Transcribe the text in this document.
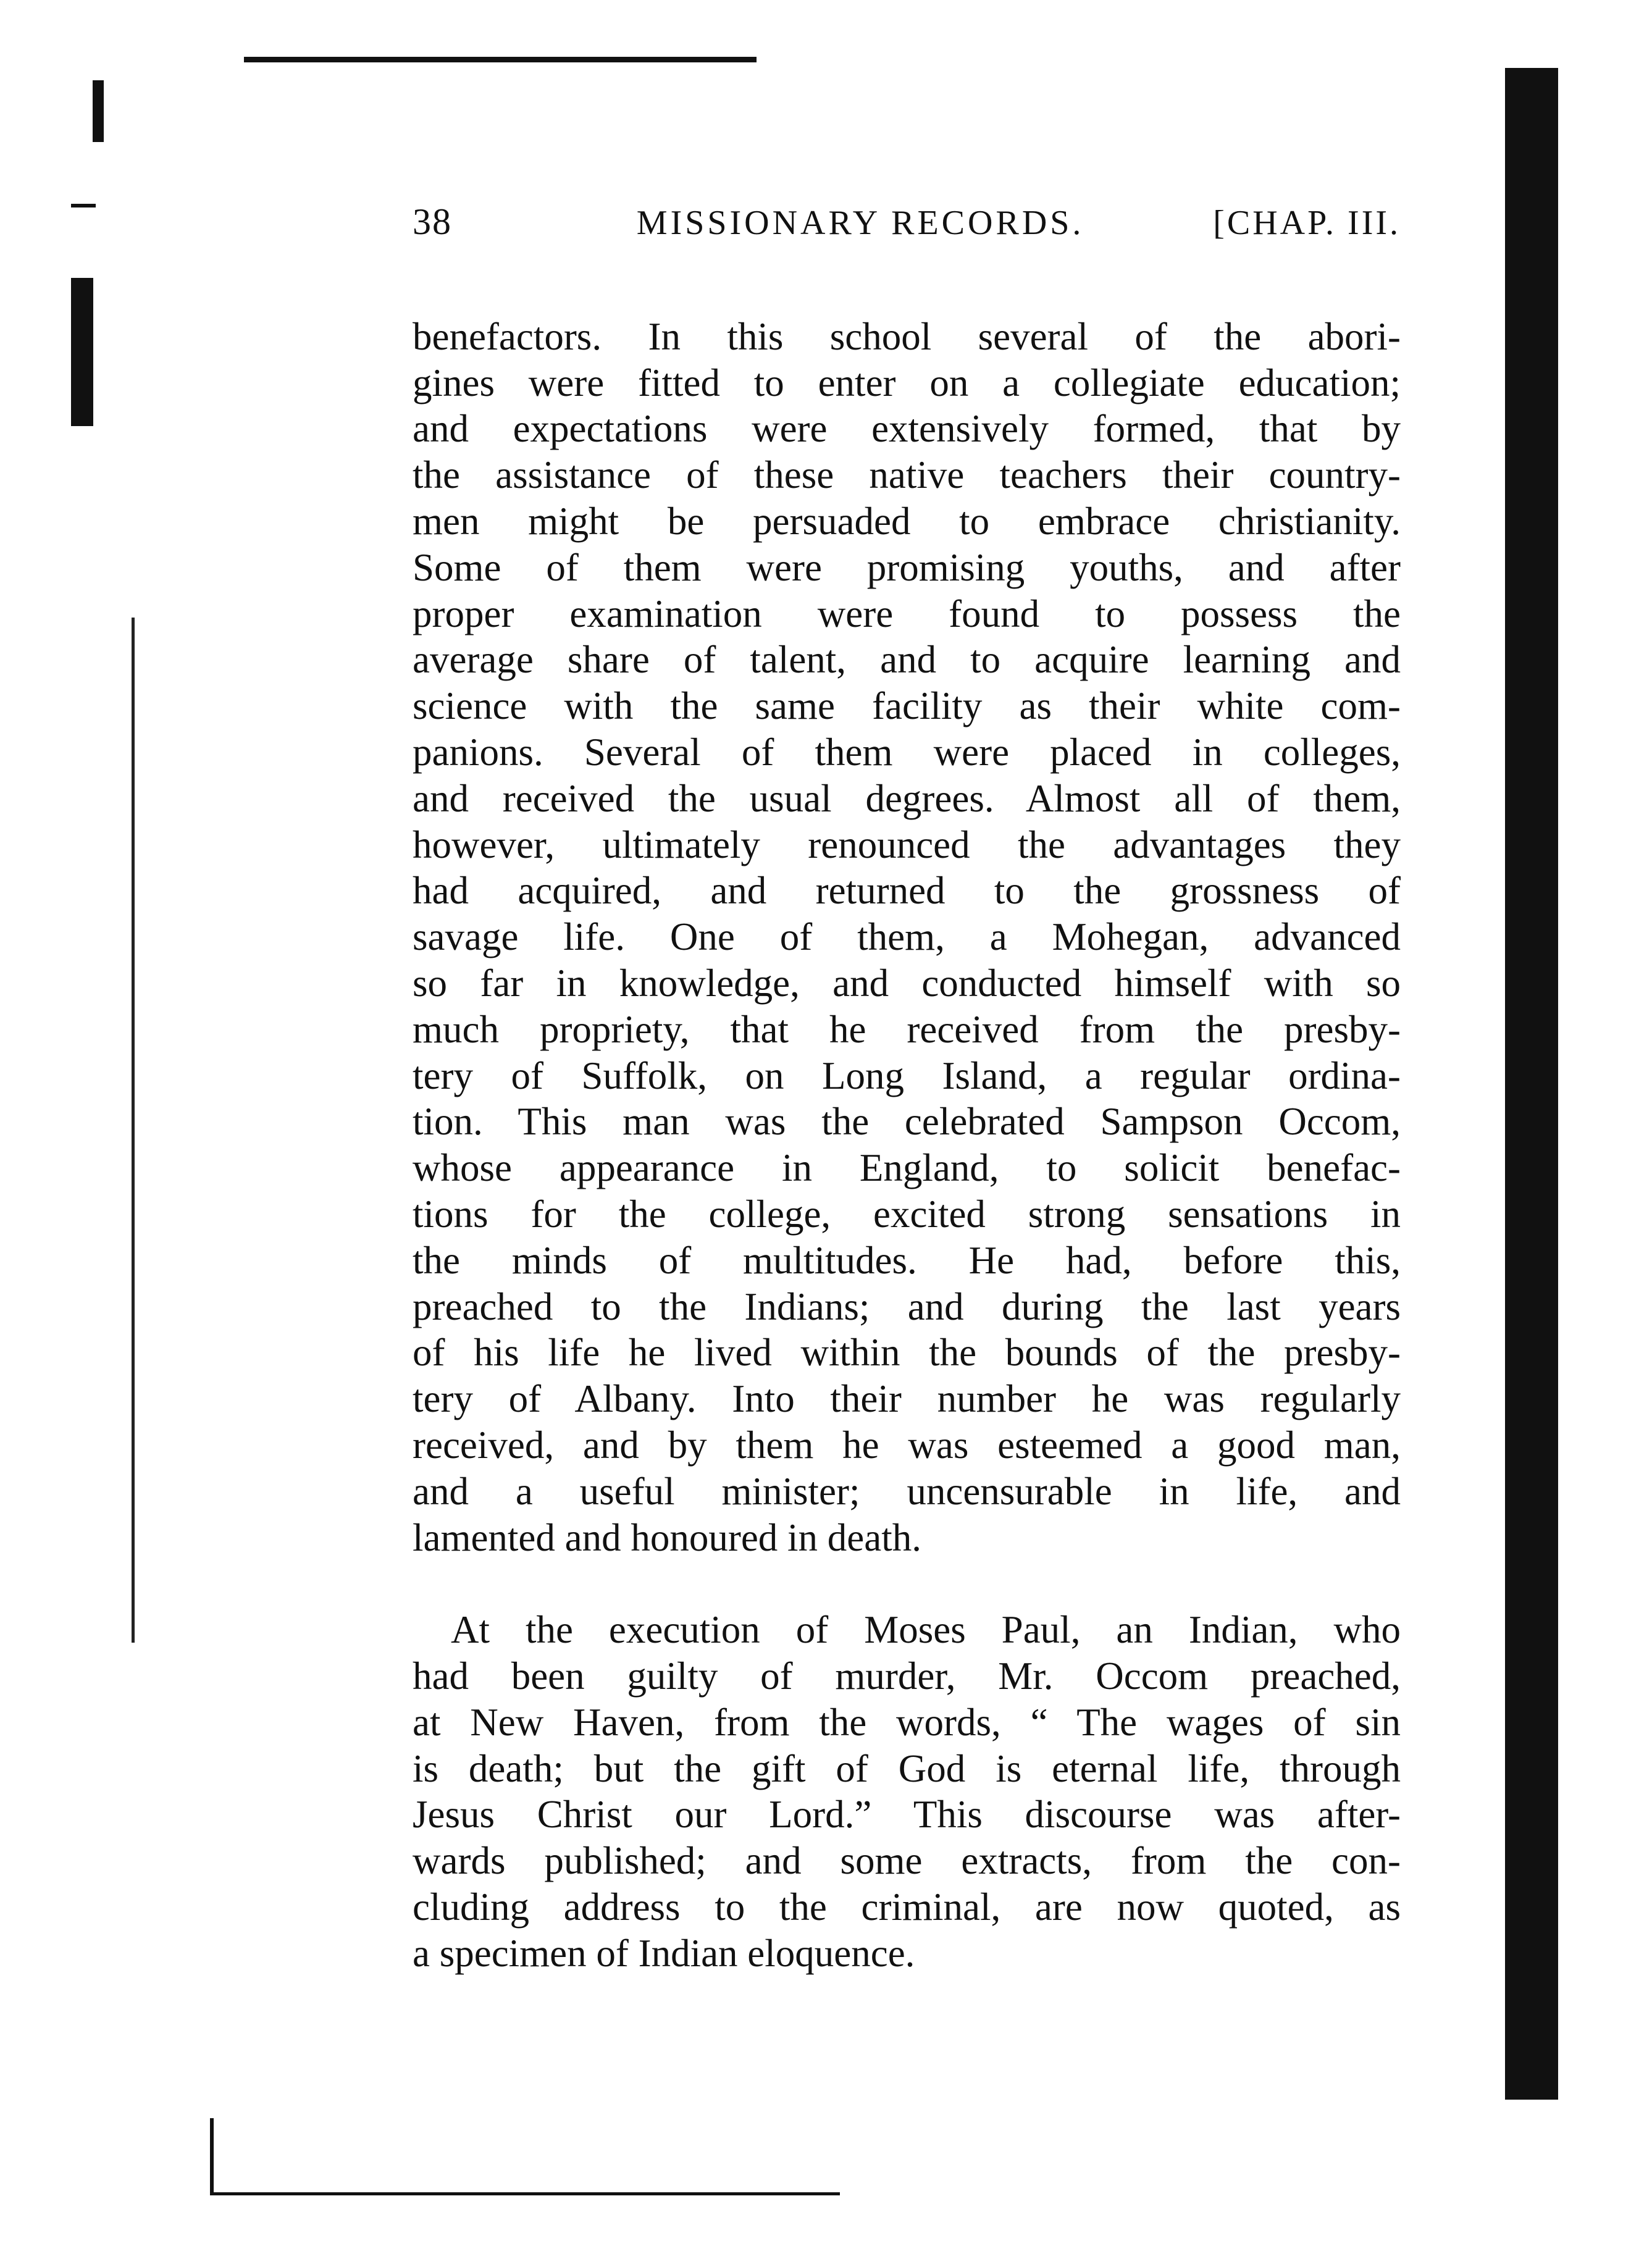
38	MISSIONARY RECORDS.	[CHAP. III.

benefactors. In this school several of the abori-
gines were fitted to enter on a collegiate education;
and expectations were extensively formed, that by
the assistance of these native teachers their country-
men might be persuaded to embrace christianity.
Some of them were promising youths, and after
proper examination were found to possess the
average share of talent, and to acquire learning and
science with the same facility as their white com-
panions. Several of them were placed in colleges,
and received the usual degrees. Almost all of them,
however, ultimately renounced the advantages they
had acquired, and returned to the grossness of
savage life. One of them, a Mohegan, advanced
so far in knowledge, and conducted himself with so
much propriety, that he received from the presby-
tery of Suffolk, on Long Island, a regular ordina-
tion. This man was the celebrated Sampson Occom,
whose appearance in England, to solicit benefac-
tions for the college, excited strong sensations in
the minds of multitudes. He had, before this,
preached to the Indians; and during the last years
of his life he lived within the bounds of the presby-
tery of Albany. Into their number he was regularly
received, and by them he was esteemed a good man,
and a useful minister; uncensurable in life, and
lamented and honoured in death.

At the execution of Moses Paul, an Indian, who
had been guilty of murder, Mr. Occom preached,
at New Haven, from the words, “ The wages of sin
is death; but the gift of God is eternal life, through
Jesus Christ our Lord.” This discourse was after-
wards published; and some extracts, from the con-
cluding address to the criminal, are now quoted, as
a specimen of Indian eloquence.
